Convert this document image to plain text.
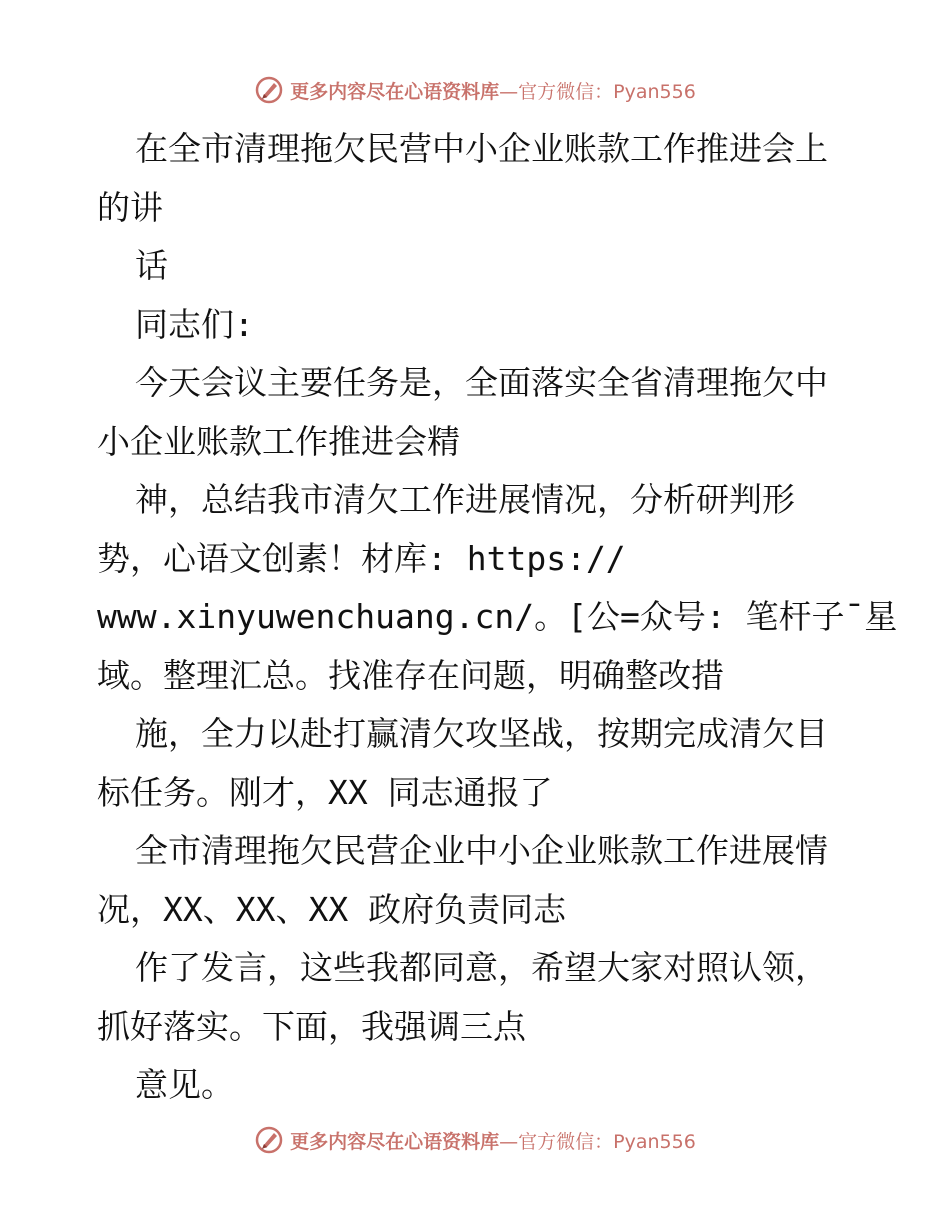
更多内容尽在心语资料库 —官方微信：Pyan556
在全市清理拖欠民营中小企业账款工作推进会上
的讲
话
同志们:
今天会议主要任务是，全面落实全省清理拖欠中
小企业账款工作推进会精
神，总结我市清欠工作进展情况，分析研判形
势，心语文创素！材库: https://
www.xinyuwenchuang.cn/。[公=众号: 笔杆子¯星
域。整理汇总。找准存在问题，明确整改措
施，全力以赴打赢清欠攻坚战，按期完成清欠目
标任务。刚才，XX 同志通报了
全市清理拖欠民营企业中小企业账款工作进展情
况，XX、XX、XX 政府负责同志
作了发言，这些我都同意，希望大家对照认领，
抓好落实。下面，我强调三点
意见。
更多内容尽在心语资料库 —官方微信：Pyan556
